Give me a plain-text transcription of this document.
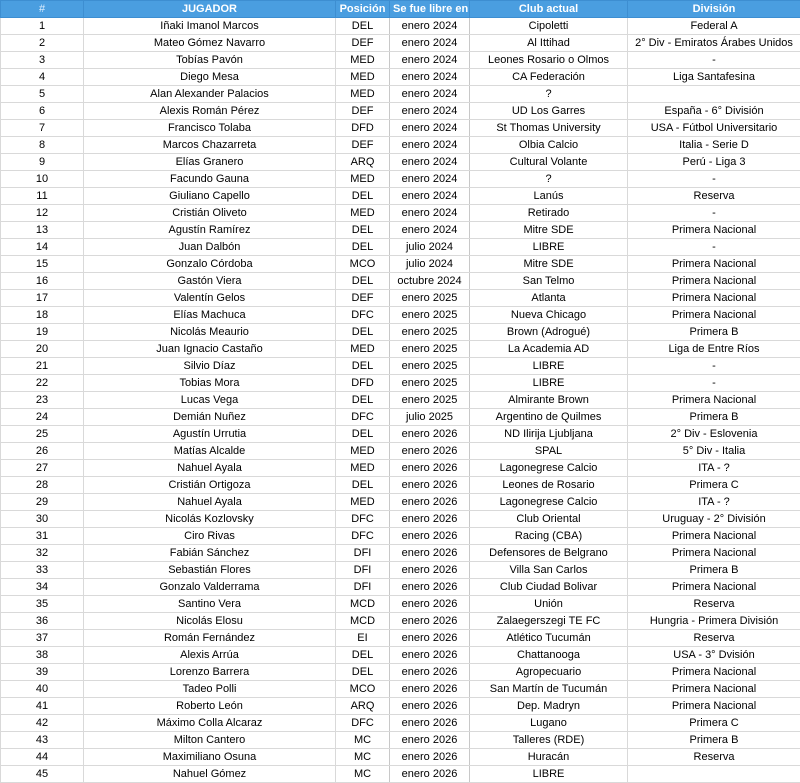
#	JUGADOR	Posición	Se fue libre en	Club actual	División
1	Iñaki Imanol Marcos	DEL	enero 2024	Cipoletti	Federal A
2	Mateo Gómez Navarro	DEF	enero 2024	Al Ittihad	2° Div - Emiratos Árabes Unidos
3	Tobías Pavón	MED	enero 2024	Leones Rosario o Olmos	-
4	Diego Mesa	MED	enero 2024	CA Federación	Liga Santafesina
5	Alan Alexander Palacios	MED	enero 2024	?	
6	Alexis Román Pérez	DEF	enero 2024	UD Los Garres	España - 6° División
7	Francisco Tolaba	DFD	enero 2024	St Thomas University	USA - Fútbol Universitario
8	Marcos Chazarreta	DEF	enero 2024	Olbia Calcio	Italia - Serie D
9	Elías Granero	ARQ	enero 2024	Cultural Volante	Perú - Liga 3
10	Facundo Gauna	MED	enero 2024	?	-
11	Giuliano Capello	DEL	enero 2024	Lanús	Reserva
12	Cristián Oliveto	MED	enero 2024	Retirado	-
13	Agustín Ramírez	DEL	enero 2024	Mitre SDE	Primera Nacional
14	Juan Dalbón	DEL	julio 2024	LIBRE	-
15	Gonzalo Córdoba	MCO	julio 2024	Mitre SDE	Primera Nacional
16	Gastón Viera	DEL	octubre 2024	San Telmo	Primera Nacional
17	Valentín Gelos	DEF	enero 2025	Atlanta	Primera Nacional
18	Elías Machuca	DFC	enero 2025	Nueva Chicago	Primera Nacional
19	Nicolás Meaurio	DEL	enero 2025	Brown (Adrogué)	Primera B
20	Juan Ignacio Castaño	MED	enero 2025	La Academia AD	Liga de Entre Ríos
21	Silvio Díaz	DEL	enero 2025	LIBRE	-
22	Tobias Mora	DFD	enero 2025	LIBRE	-
23	Lucas Vega	DEL	enero 2025	Almirante Brown	Primera Nacional
24	Demián Nuñez	DFC	julio 2025	Argentino de Quilmes	Primera B
25	Agustín Urrutia	DEL	enero 2026	ND Ilirija Ljubljana	2° Div - Eslovenia
26	Matías Alcalde	MED	enero 2026	SPAL	5° Div - Italia
27	Nahuel Ayala	MED	enero 2026	Lagonegrese Calcio	ITA - ?
28	Cristián Ortigoza	DEL	enero 2026	Leones de Rosario	Primera C
29	Nahuel Ayala	MED	enero 2026	Lagonegrese Calcio	ITA - ?
30	Nicolás Kozlovsky	DFC	enero 2026	Club Oriental	Uruguay - 2° División
31	Ciro Rivas	DFC	enero 2026	Racing (CBA)	Primera Nacional
32	Fabián Sánchez	DFI	enero 2026	Defensores de Belgrano	Primera Nacional
33	Sebastián Flores	DFI	enero 2026	Villa San Carlos	Primera B
34	Gonzalo Valderrama	DFI	enero 2026	Club Ciudad Bolivar	Primera Nacional
35	Santino Vera	MCD	enero 2026	Unión	Reserva
36	Nicolás Elosu	MCD	enero 2026	Zalaegerszegi TE FC	Hungria - Primera División
37	Román Fernández	EI	enero 2026	Atlético Tucumán	Reserva
38	Alexis Arrúa	DEL	enero 2026	Chattanooga	USA - 3° Dvisión
39	Lorenzo Barrera	DEL	enero 2026	Agropecuario	Primera Nacional
40	Tadeo Polli	MCO	enero 2026	San Martín de Tucumán	Primera Nacional
41	Roberto León	ARQ	enero 2026	Dep. Madryn	Primera Nacional
42	Máximo Colla Alcaraz	DFC	enero 2026	Lugano	Primera C
43	Milton Cantero	MC	enero 2026	Talleres (RDE)	Primera B
44	Maximiliano Osuna	MC	enero 2026	Huracán	Reserva
45	Nahuel Gómez	MC	enero 2026	LIBRE	
